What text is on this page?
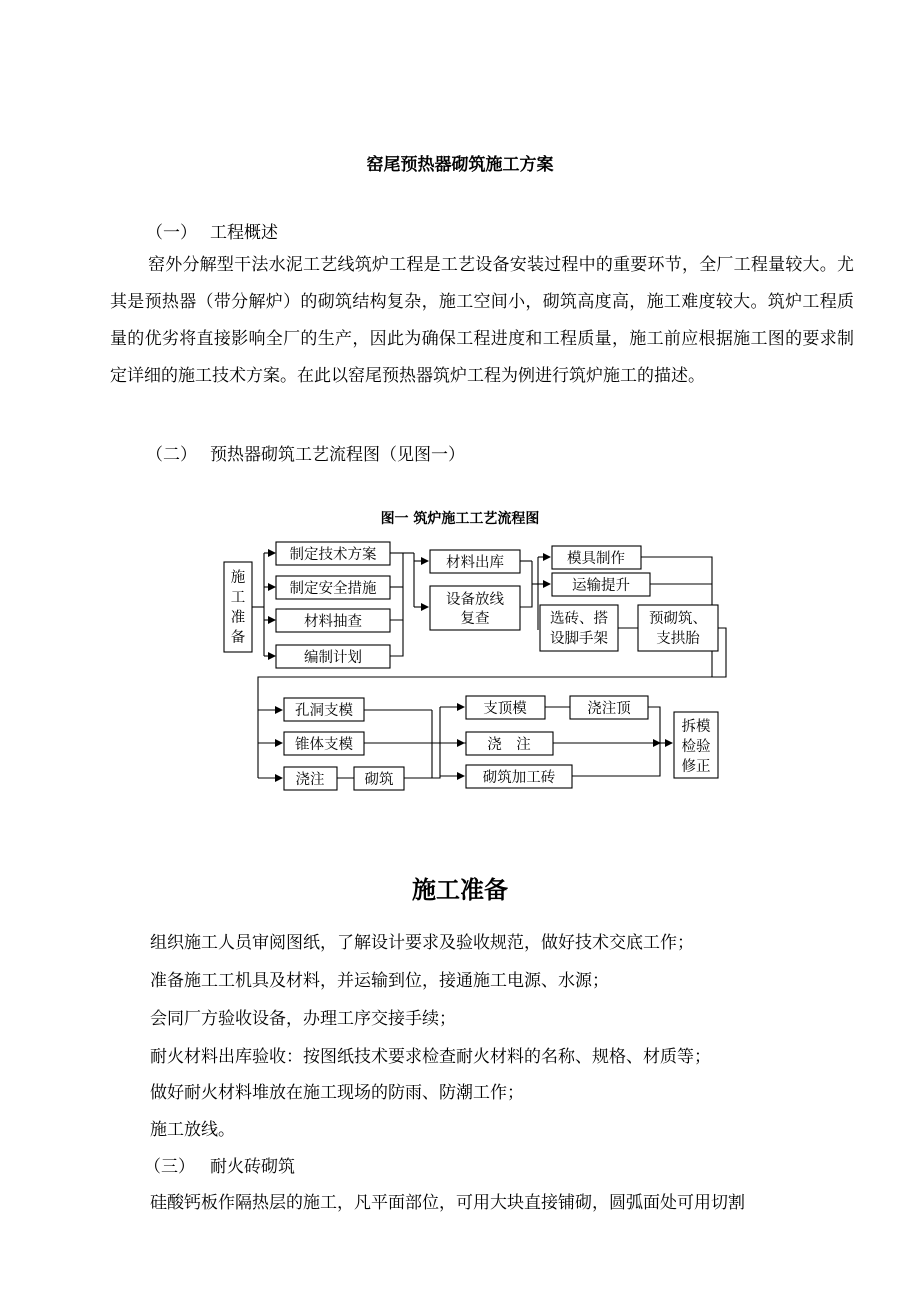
窑尾预热器砌筑施工方案
（一） 工程概述
窑外分解型干法水泥工艺线筑炉工程是工艺设备安装过程中的重要环节，全厂工程量较大。尤其是预热器（带分解炉）的砌筑结构复杂，施工空间小，砌筑高度高，施工难度较大。筑炉工程质量的优劣将直接影响全厂的生产，因此为确保工程进度和工程质量，施工前应根据施工图的要求制定详细的施工技术方案。在此以窑尾预热器筑炉工程为例进行筑炉施工的描述。
（二） 预热器砌筑工艺流程图（见图一）
图一 筑炉施工工艺流程图
施
工
准
备
制定技术方案
制定安全措施
材料抽查
编制计划
材料出库
设备放线
复查
模具制作
运输提升
选砖、搭
设脚手架
预砌筑、
支拱胎
孔洞支模
锥体支模
浇注	砌筑
支顶模	浇注顶
浇　注
砌筑加工砖
拆模
检验
修正
施工准备
组织施工人员审阅图纸，了解设计要求及验收规范，做好技术交底工作；
准备施工工机具及材料，并运输到位，接通施工电源、水源；
会同厂方验收设备，办理工序交接手续；
耐火材料出库验收：按图纸技术要求检查耐火材料的名称、规格、材质等；
做好耐火材料堆放在施工现场的防雨、防潮工作；
施工放线。
（三） 耐火砖砌筑
硅酸钙板作隔热层的施工，凡平面部位，可用大块直接铺砌，圆弧面处可用切割
